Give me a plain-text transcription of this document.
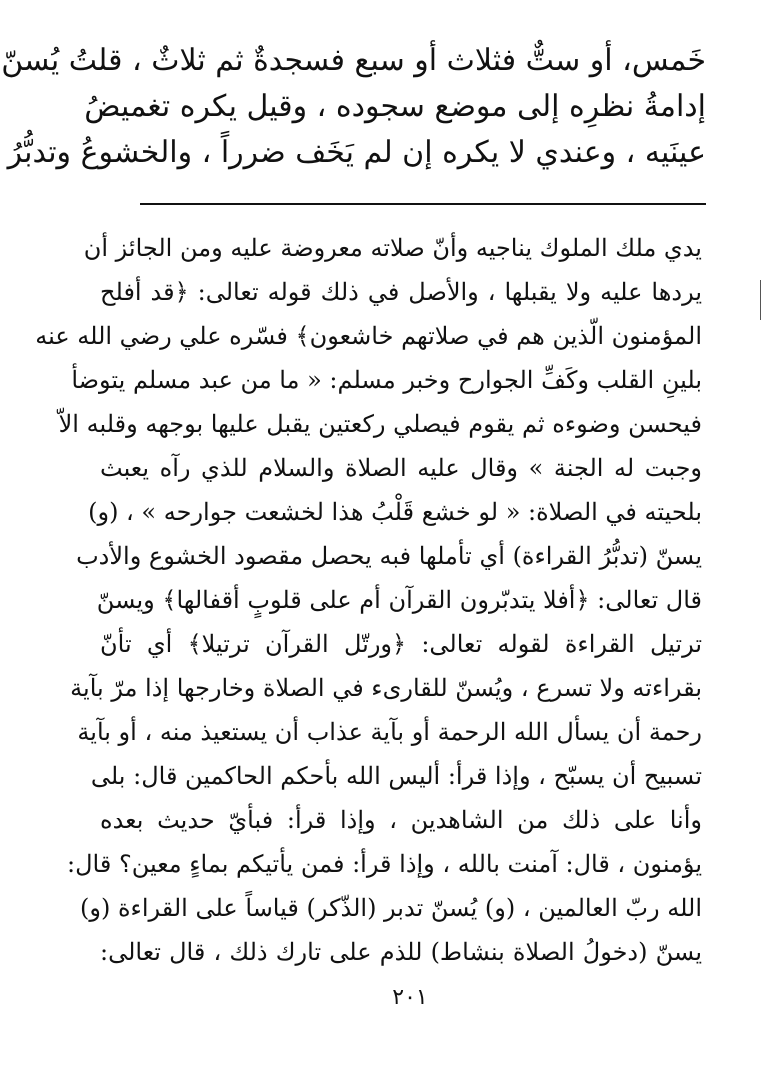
خَمس، أو ستٌّ فثلاث أو سبع فسجدةٌ ثم ثلاثٌ ، قلتُ يُسنّ
إدامةُ نظرِه إلى موضع سجوده ، وقيل يكره تغميضُ
عينَيه ، وعندي لا يكره إن لم يَخَف ضرراً ، والخشوعُ وتدبُّرُ
يدي ملك الملوك يناجيه وأنّ صلاته معروضة عليه ومن الجائز أن
يردها عليه ولا يقبلها ، والأصل في ذلك قوله تعالى: ﴿قد أفلح
المؤمنون الّذين هم في صلاتهم خاشعون﴾ فسّره علي رضي الله عنه
بلينِ القلب وكَفِّ الجوارح وخبر مسلم: « ما من عبد مسلم يتوضأ
فيحسن وضوءه ثم يقوم فيصلي ركعتين يقبل عليها بوجهه وقلبه الاّ
وجبت له الجنة » وقال عليه الصلاة والسلام للذي رآه يعبث
بلحيته في الصلاة: « لو خشع قَلْبُ هذا لخشعت جوارحه » ، (و)
يسنّ (تدبُّرُ القراءة) أي تأملها فبه يحصل مقصود الخشوع والأدب
قال تعالى: ﴿أفلا يتدبّرون القرآن أم على قلوبٍ أقفالها﴾ ويسنّ
ترتيل القراءة لقوله تعالى: ﴿ورتّل القرآن ترتيلا﴾ أي تأنّ
بقراءته ولا تسرع ، ويُسنّ للقارىء في الصلاة وخارجها إذا مرّ بآية
رحمة أن يسأل الله الرحمة أو بآية عذاب أن يستعيذ منه ، أو بآية
تسبيح أن يسبّح ، وإذا قرأ: أليس الله بأحكم الحاكمين قال: بلى
وأنا على ذلك من الشاهدين ، وإذا قرأ: فبأيّ حديث بعده
يؤمنون ، قال: آمنت بالله ، وإذا قرأ: فمن يأتيكم بماءٍ معين؟ قال:
الله ربّ العالمين ، (و) يُسنّ تدبر (الذّكر) قياساً على القراءة (و)
يسنّ (دخولُ الصلاة بنشاط) للذم على تارك ذلك ، قال تعالى:
٢٠١
